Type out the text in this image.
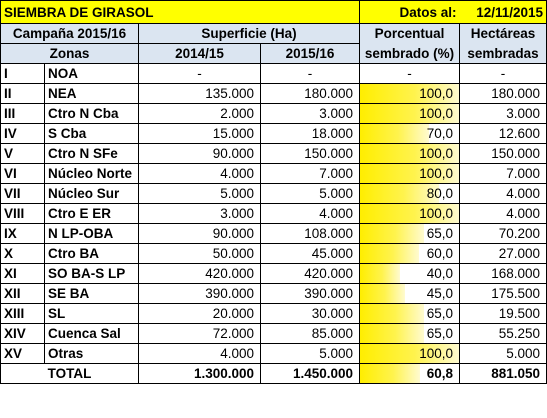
SIEMBRA DE GIRASOL				Datos al:	12/11/2015
Campaña 2015/16		Superficie (Ha)		Porcentual	Hectáreas
Zonas		2014/15	2015/16	sembrado (%)	sembradas
I	NOA	-	-	-	-
II	NEA	135.000	180.000	100,0	180.000
III	Ctro N Cba	2.000	3.000	100,0	3.000
IV	S Cba	15.000	18.000	70,0	12.600
V	Ctro N SFe	90.000	150.000	100,0	150.000
VI	Núcleo Norte	4.000	7.000	100,0	7.000
VII	Núcleo Sur	5.000	5.000	80,0	4.000
VIII	Ctro E ER	3.000	4.000	100,0	4.000
IX	N LP-OBA	90.000	108.000	65,0	70.200
X	Ctro BA	50.000	45.000	60,0	27.000
XI	SO BA-S LP	420.000	420.000	40,0	168.000
XII	SE BA	390.000	390.000	45,0	175.500
XIII	SL	20.000	30.000	65,0	19.500
XIV	Cuenca Sal	72.000	85.000	65,0	55.250
XV	Otras	4.000	5.000	100,0	5.000
TOTAL		1.300.000	1.450.000	60,8	881.050
